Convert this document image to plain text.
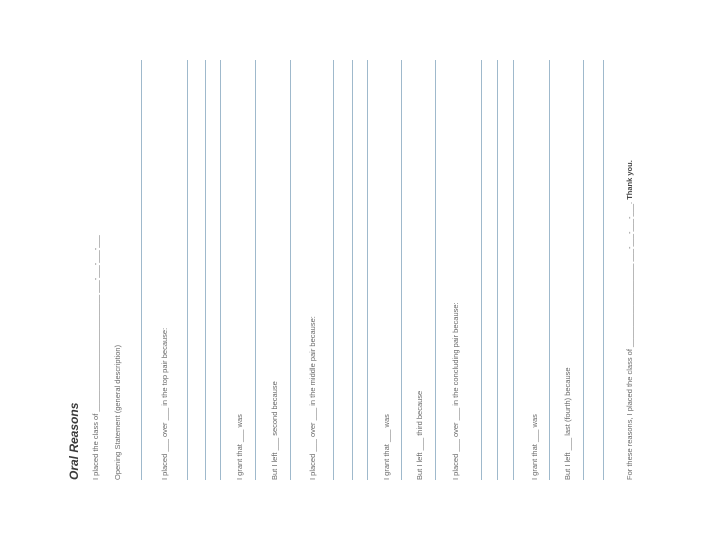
Oral Reasons I placed the class of ____________________________ ___-___-___-___ Opening Statement (general description)	I placed ___ over ___ in the top pair because:	I grant that ___ was	But I left ___ second because	I placed ___ over ___ in the middle pair because:	I grant that ___ was	But I left ___ third because	I placed ___ over ___ in the concluding pair because:	I grant that ___ was	But I left ___ last (fourth) because	For these reasons, I placed the class of ____________________ ___-___-___-___. Thank you.
